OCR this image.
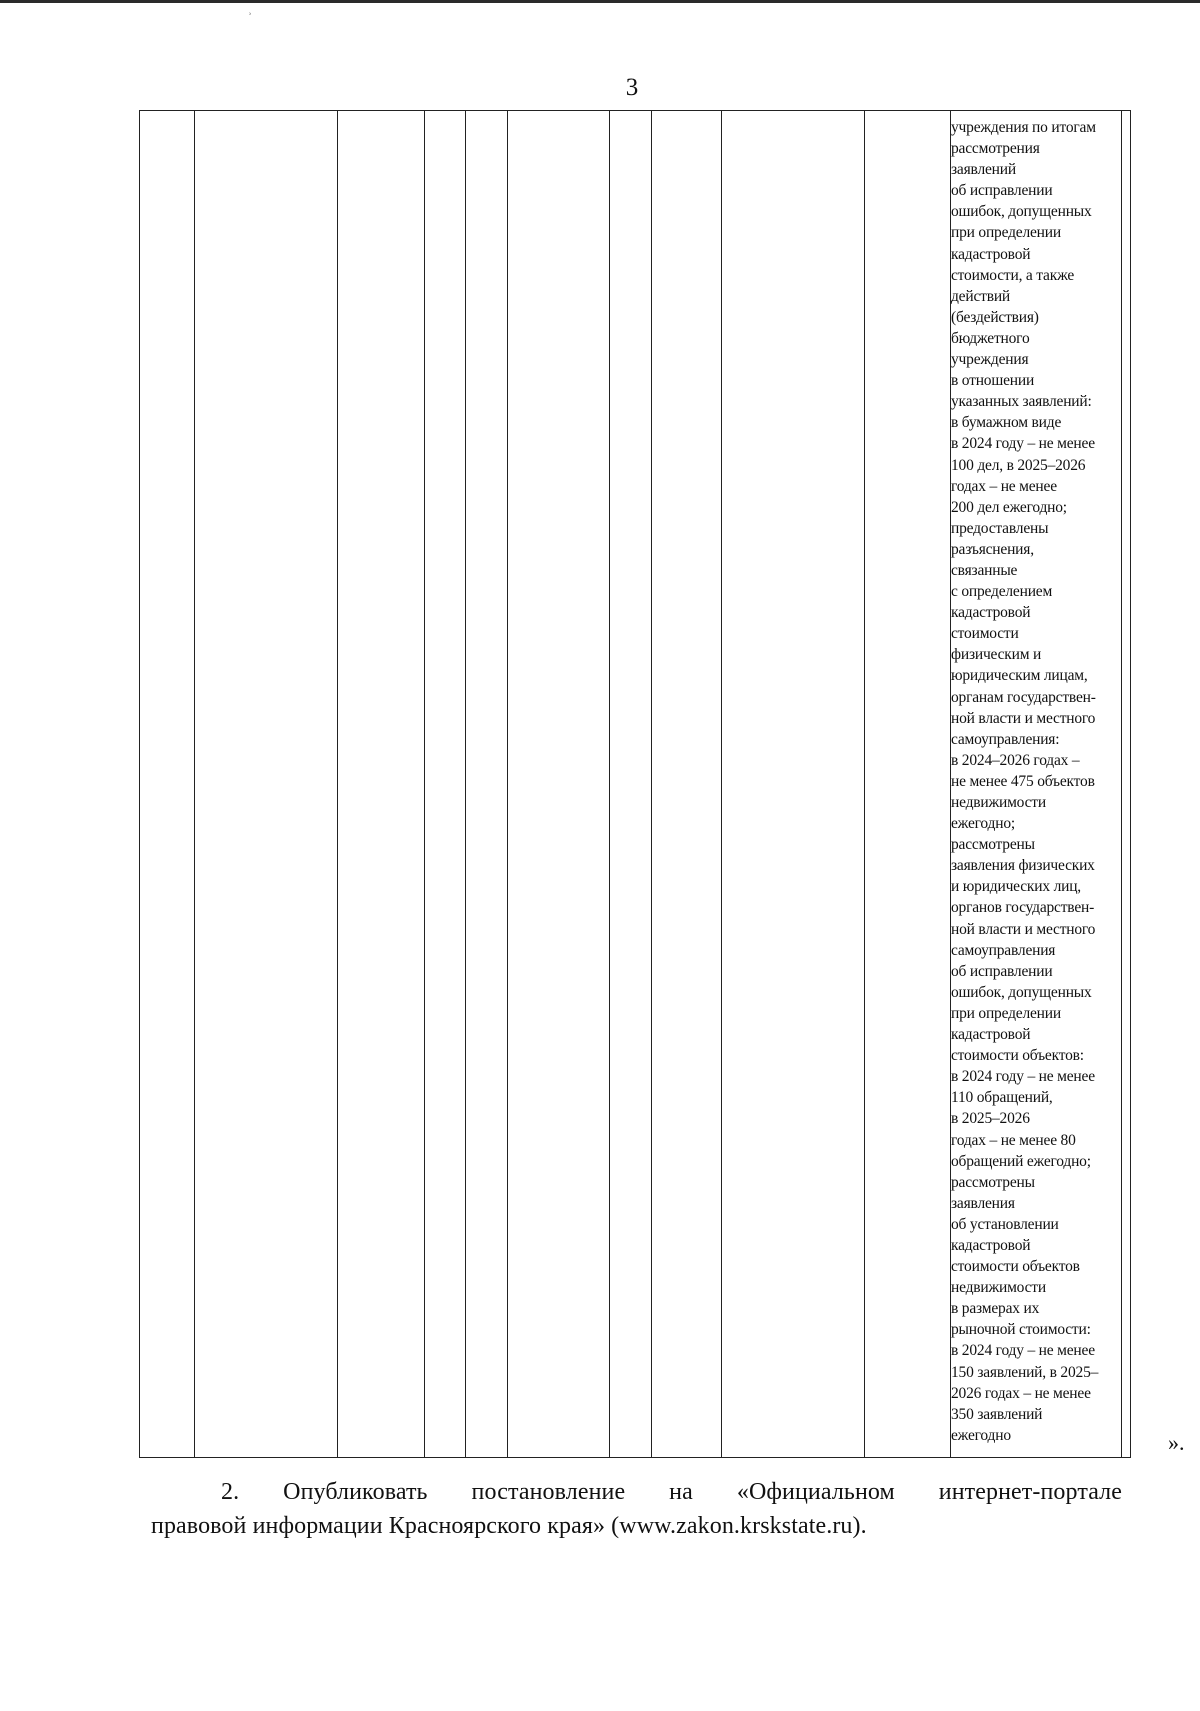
ʾ
3
учреждения по итогам
рассмотрения
заявлений
об исправлении
ошибок, допущенных
при определении
кадастровой
стоимости, а также
действий
(бездействия)
бюджетного
учреждения
в отношении
указанных заявлений:
в бумажном виде
в 2024 году – не менее
100 дел, в 2025–2026
годах – не менее
200 дел ежегодно;
предоставлены
разъяснения,
связанные
с определением
кадастровой
стоимости
физическим и
юридическим лицам,
органам государствен-
ной власти и местного
самоуправления:
в 2024–2026 годах –
не менее 475 объектов
недвижимости
ежегодно;
рассмотрены
заявления физических
и юридических лиц,
органов государствен-
ной власти и местного
самоуправления
об исправлении
ошибок, допущенных
при определении
кадастровой
стоимости объектов:
в 2024 году – не менее
110 обращений,
в 2025–2026
годах – не менее 80
обращений ежегодно;
рассмотрены
заявления
об установлении
кадастровой
стоимости объектов
недвижимости
в размерах их
рыночной стоимости:
в 2024 году – не менее
150 заявлений, в 2025–
2026 годах – не менее
350 заявлений
ежегодно	».
2. Опубликовать постановление на «Официальном интернет-портале
правовой информации Красноярского края» (www.zakon.krskstate.ru).
